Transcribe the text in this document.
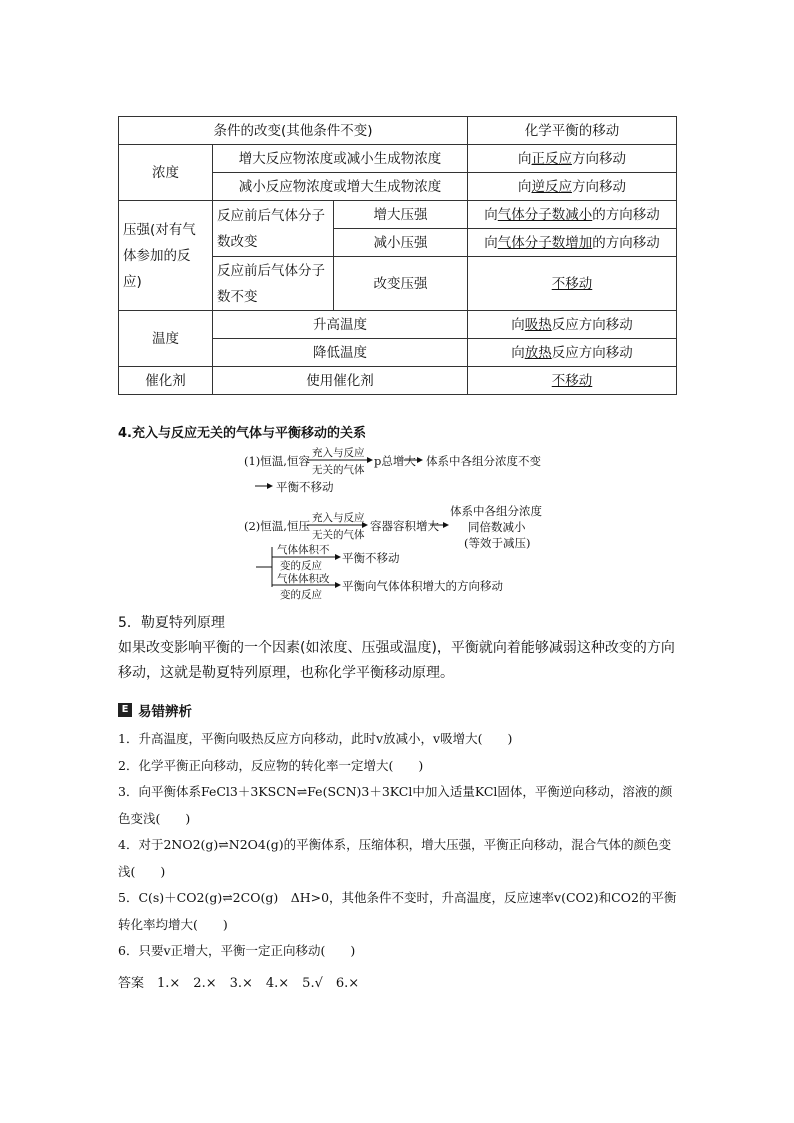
条件的改变(其他条件不变)			化学平衡的移动
浓度	增大反应物浓度或减小生成物浓度		向正反应方向移动
	减小反应物浓度或增大生成物浓度		向逆反应方向移动
压强(对有气体参加的反应)	反应前后气体分子数改变	增大压强	向气体分子数减小的方向移动
		减小压强	向气体分子数增加的方向移动
	反应前后气体分子数不变	改变压强	不移动
温度	升高温度		向吸热反应方向移动
	降低温度		向放热反应方向移动
催化剂	使用催化剂		不移动
4.充入与反应无关的气体与平衡移动的关系
(1)恒温,恒容
充入与反应
无关的气体
p总增大 体系中各组分浓度不变
平衡不移动
(2)恒温,恒压
充入与反应
无关的气体
容器容积增大
体系中各组分浓度
同倍数减小
(等效于减压)
气体体积不
变的反应
平衡不移动
气体体积改
变的反应
平衡向气体体积增大的方向移动
5．勒夏特列原理
如果改变影响平衡的一个因素(如浓度、压强或温度)，平衡就向着能够减弱这种改变的方向移动，这就是勒夏特列原理，也称化学平衡移动原理。
E 易错辨析

1．升高温度，平衡向吸热反应方向移动，此时v放减小，v吸增大(　　)

2．化学平衡正向移动，反应物的转化率一定增大(　　)

3．向平衡体系FeCl3＋3KSCN⇌Fe(SCN)3＋3KCl中加入适量KCl固体，平衡逆向移动，溶液的颜色变浅(　　)

4．对于2NO2(g)⇌N2O4(g)的平衡体系，压缩体积，增大压强，平衡正向移动，混合气体的颜色变浅(　　)

5．C(s)＋CO2(g)⇌2CO(g)　ΔH>0，其他条件不变时，升高温度，反应速率v(CO2)和CO2的平衡转化率均增大(　　)

6．只要v正增大，平衡一定正向移动(　　)

答案　1.×　2.×　3.×　4.×　5.√　6.×
